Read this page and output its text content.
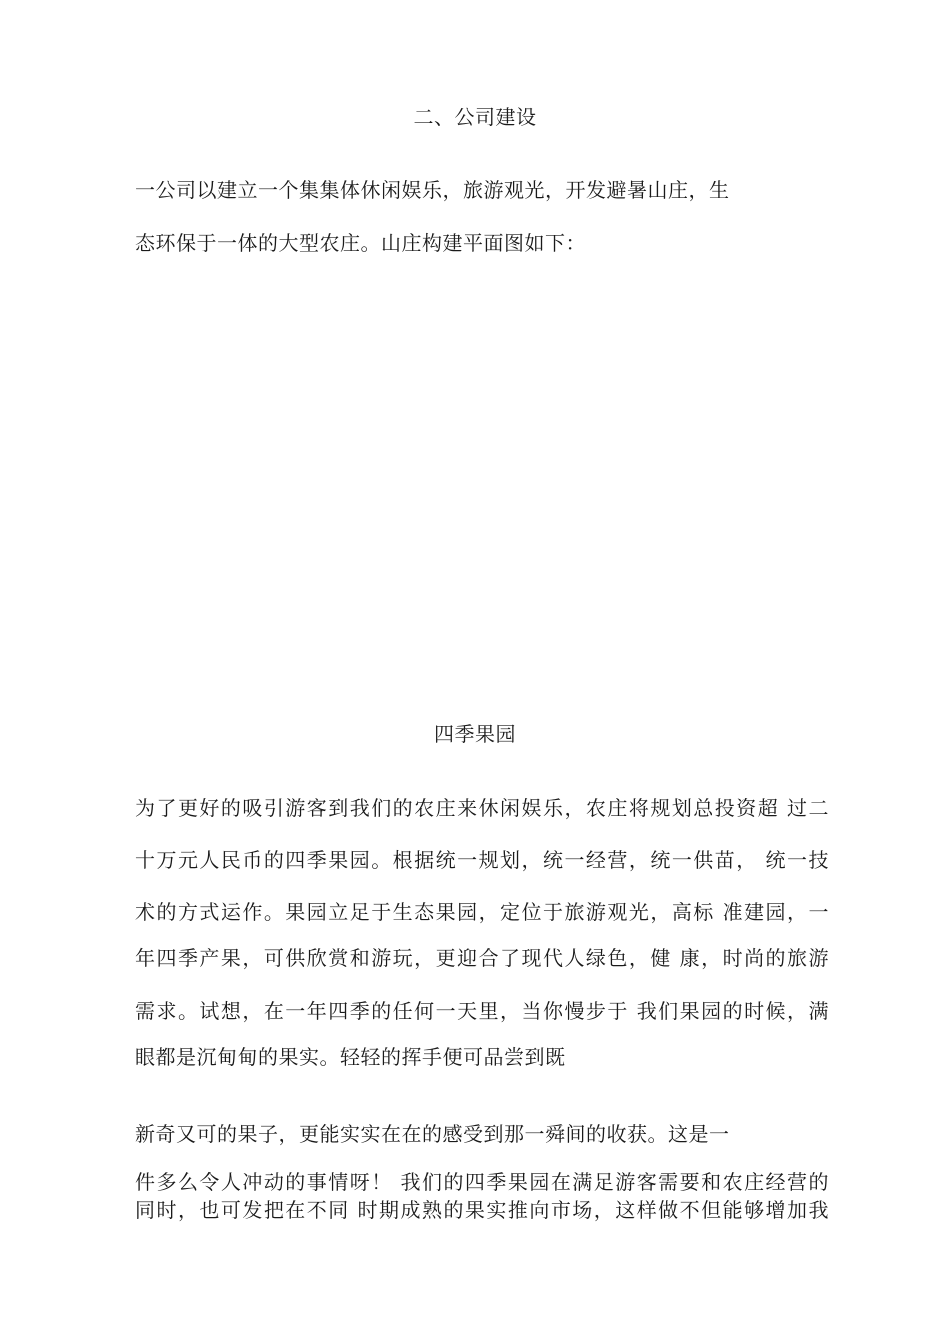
二、公司建设
一公司以建立一个集集体休闲娱乐，旅游观光，开发避暑山庄，生
态环保于一体的大型农庄。山庄构建平面图如下：
四季果园
为了更好的吸引游客到我们的农庄来休闲娱乐，农庄将规划总投资超 过二
十万元人民币的四季果园。根据统一规划，统一经营，统一供苗， 统一技
术的方式运作。果园立足于生态果园，定位于旅游观光，高标 准建园，一
年四季产果，可供欣赏和游玩，更迎合了现代人绿色，健 康，时尚的旅游
需求。试想，在一年四季的任何一天里，当你慢步于 我们果园的时候，满
眼都是沉甸甸的果实。轻轻的挥手便可品尝到既
新奇又可的果子，更能实实在在的感受到那一舜间的收获。这是一
件多么令人冲动的事情呀！ 我们的四季果园在满足游客需要和农庄经营的
同时，也可发把在不同 时期成熟的果实推向市场，这样做不但能够增加我
